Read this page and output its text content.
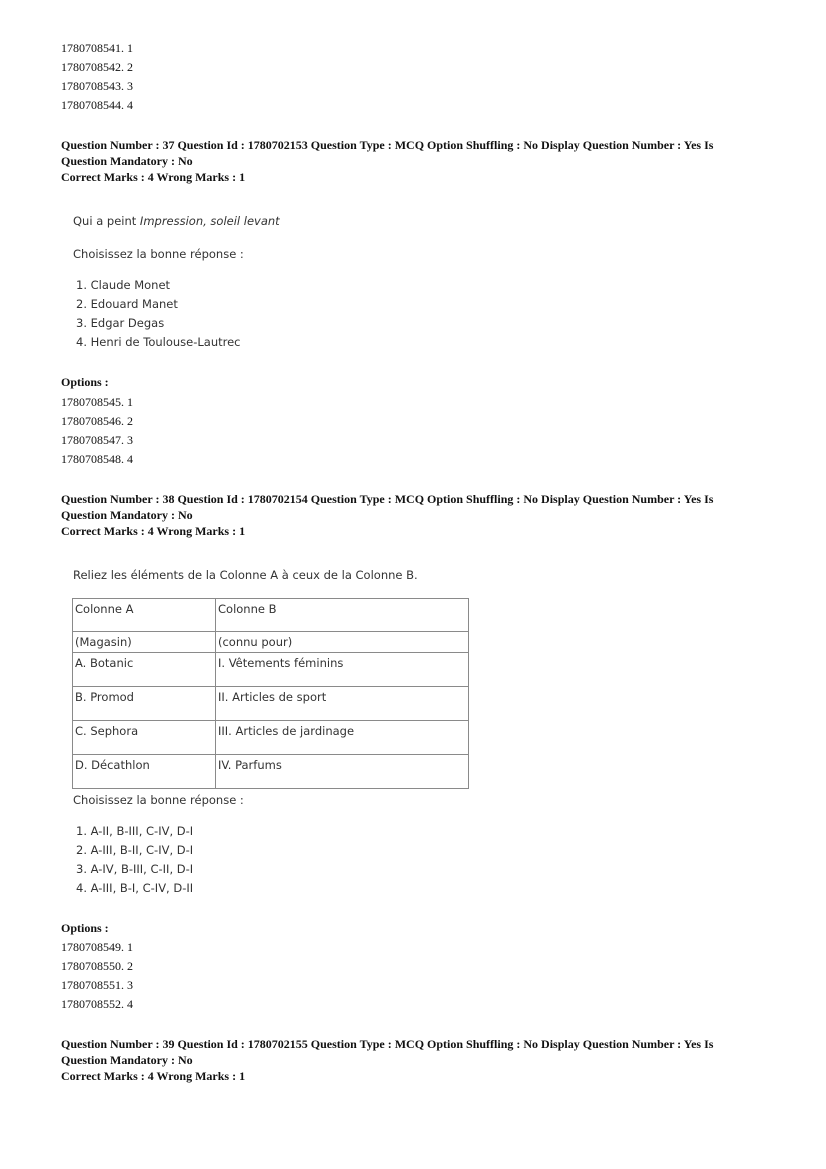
1780708541. 1
1780708542. 2
1780708543. 3
1780708544. 4
Question Number : 37 Question Id : 1780702153 Question Type : MCQ Option Shuffling : No Display Question Number : Yes Is
Question Mandatory : No
Correct Marks : 4 Wrong Marks : 1
Qui a peint Impression, soleil levant
Choisissez la bonne réponse :
1. Claude Monet
2. Edouard Manet
3. Edgar Degas
4. Henri de Toulouse-Lautrec
Options :
1780708545. 1
1780708546. 2
1780708547. 3
1780708548. 4
Question Number : 38 Question Id : 1780702154 Question Type : MCQ Option Shuffling : No Display Question Number : Yes Is
Question Mandatory : No
Correct Marks : 4 Wrong Marks : 1
Reliez les éléments de la Colonne A à ceux de la Colonne B.
Colonne A	Colonne B
(Magasin)	(connu pour)
A. Botanic	I. Vêtements féminins
B. Promod	II. Articles de sport
C. Sephora	III. Articles de jardinage
D. Décathlon	IV. Parfums
Choisissez la bonne réponse :
1. A-II, B-III, C-IV, D-I
2. A-III, B-II, C-IV, D-I
3. A-IV, B-III, C-II, D-I
4. A-III, B-I, C-IV, D-II
Options :
1780708549. 1
1780708550. 2
1780708551. 3
1780708552. 4
Question Number : 39 Question Id : 1780702155 Question Type : MCQ Option Shuffling : No Display Question Number : Yes Is
Question Mandatory : No
Correct Marks : 4 Wrong Marks : 1
